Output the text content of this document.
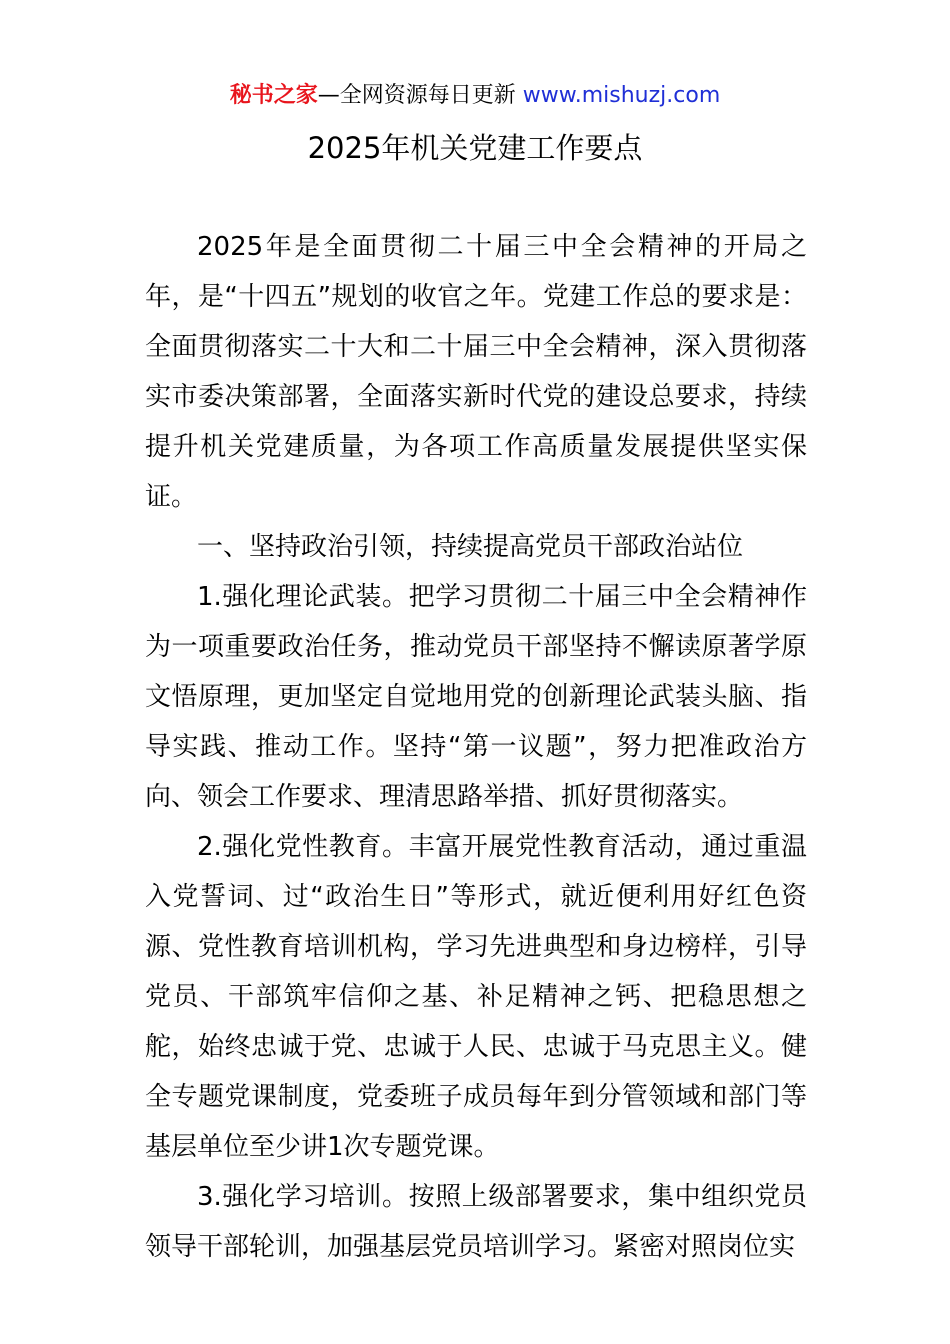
秘书之家—全网资源每日更新 www.mishuzj.com
2025年机关党建工作要点

2025年是全面贯彻二十届三中全会精神的开局之年，是“十四五”规划的收官之年。党建工作总的要求是：全面贯彻落实二十大和二十届三中全会精神，深入贯彻落实市委决策部署，全面落实新时代党的建设总要求，持续提升机关党建质量，为各项工作高质量发展提供坚实保证。

一、坚持政治引领，持续提高党员干部政治站位

1.强化理论武装。把学习贯彻二十届三中全会精神作为一项重要政治任务，推动党员干部坚持不懈读原著学原文悟原理，更加坚定自觉地用党的创新理论武装头脑、指导实践、推动工作。坚持“第一议题”，努力把准政治方向、领会工作要求、理清思路举措、抓好贯彻落实。

2.强化党性教育。丰富开展党性教育活动，通过重温入党誓词、过“政治生日”等形式，就近便利用好红色资源、党性教育培训机构，学习先进典型和身边榜样，引导党员、干部筑牢信仰之基、补足精神之钙、把稳思想之舵，始终忠诚于党、忠诚于人民、忠诚于马克思主义。健全专题党课制度，党委班子成员每年到分管领域和部门等基层单位至少讲1次专题党课。

3.强化学习培训。按照上级部署要求，集中组织党员领导干部轮训，加强基层党员培训学习。紧密对照岗位实
